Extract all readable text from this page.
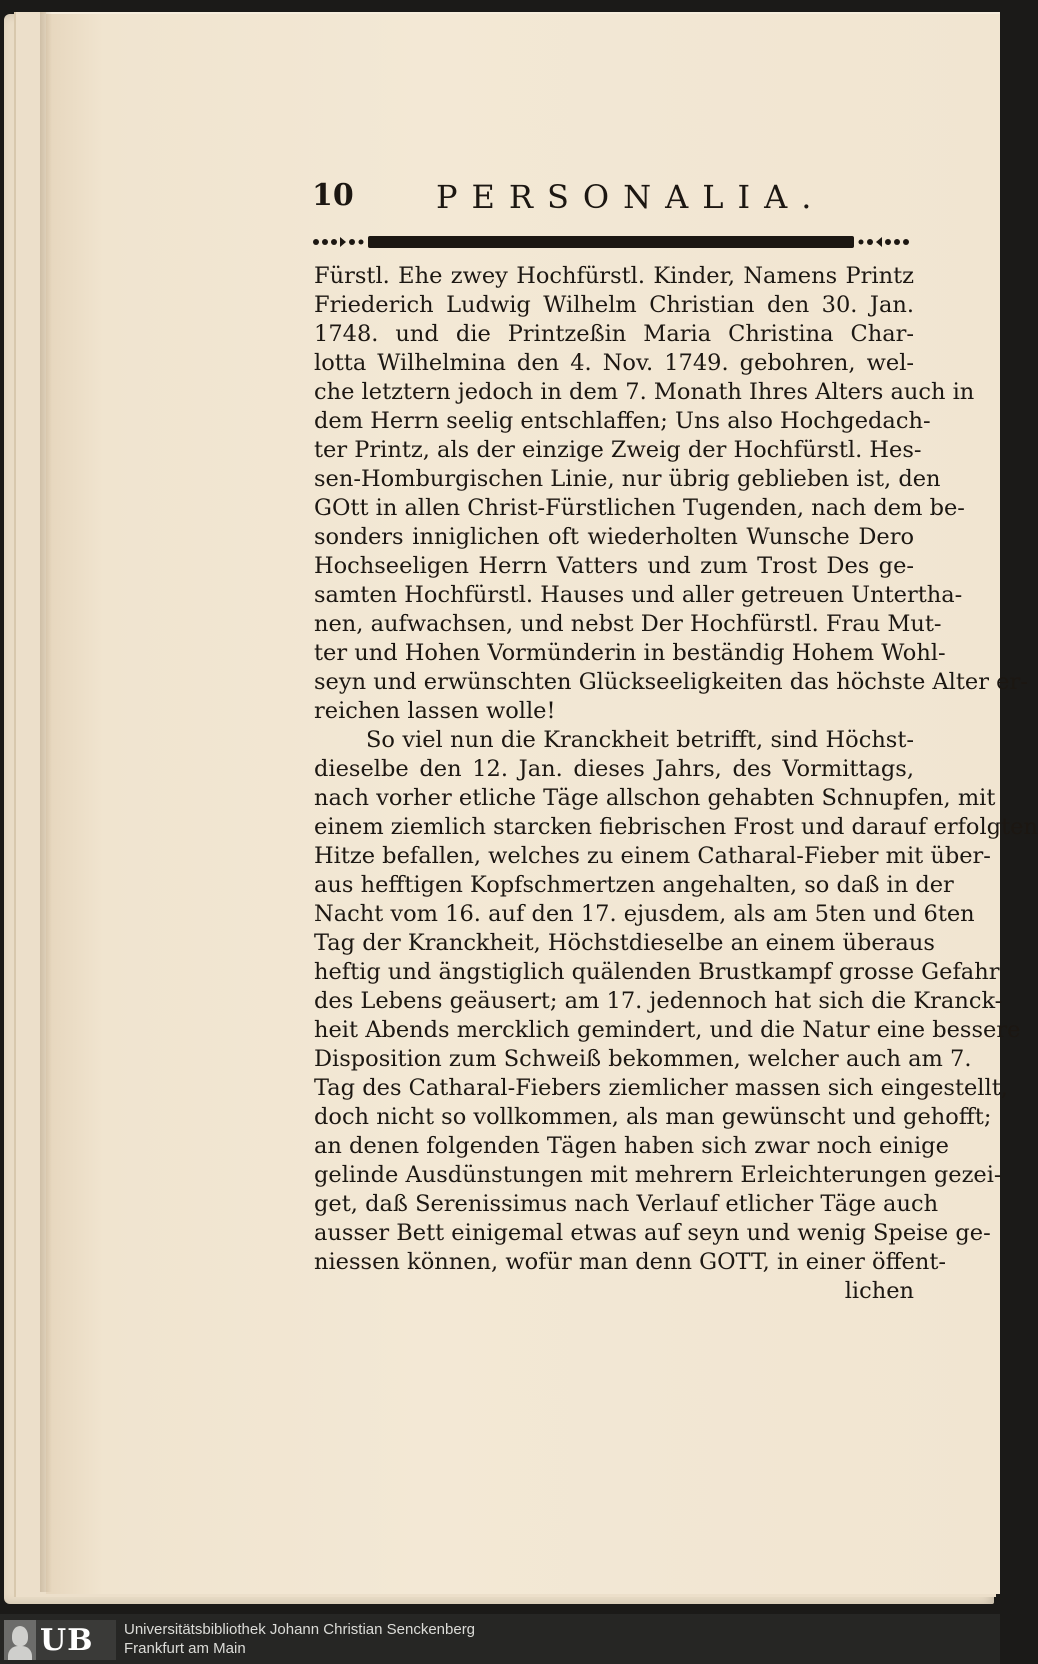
10	PERSONALIA.
Fürstl. Ehe zwey Hochfürstl. Kinder, Namens Printz
Friederich Ludwig Wilhelm Christian den 30. Jan.
1748. und die Printzeßin Maria Christina Char-
lotta Wilhelmina den 4. Nov. 1749. gebohren, wel-
che letztern jedoch in dem 7. Monath Ihres Alters auch in
dem Herrn seelig entschlaffen; Uns also Hochgedach-
ter Printz, als der einzige Zweig der Hochfürstl. Hes-
sen-Homburgischen Linie, nur übrig geblieben ist, den
GOtt in allen Christ-Fürstlichen Tugenden, nach dem be-
sonders inniglichen oft wiederholten Wunsche Dero
Hochseeligen Herrn Vatters und zum Trost Des ge-
samten Hochfürstl. Hauses und aller getreuen Untertha-
nen, aufwachsen, und nebst Der Hochfürstl. Frau Mut-
ter und Hohen Vormünderin in beständig Hohem Wohl-
seyn und erwünschten Glückseeligkeiten das höchste Alter er-
reichen lassen wolle!
So viel nun die Kranckheit betrifft, sind Höchst-
dieselbe den 12. Jan. dieses Jahrs, des Vormittags,
nach vorher etliche Täge allschon gehabten Schnupfen, mit
einem ziemlich starcken fiebrischen Frost und darauf erfolgten
Hitze befallen, welches zu einem Catharal-Fieber mit über-
aus hefftigen Kopfschmertzen angehalten, so daß in der
Nacht vom 16. auf den 17. ejusdem, als am 5ten und 6ten
Tag der Kranckheit, Höchstdieselbe an einem überaus
heftig und ängstiglich quälenden Brustkampf grosse Gefahr
des Lebens geäusert; am 17. jedennoch hat sich die Kranck-
heit Abends mercklich gemindert, und die Natur eine bessere
Disposition zum Schweiß bekommen, welcher auch am 7.
Tag des Catharal-Fiebers ziemlicher massen sich eingestellt,
doch nicht so vollkommen, als man gewünscht und gehofft;
an denen folgenden Tägen haben sich zwar noch einige
gelinde Ausdünstungen mit mehrern Erleichterungen gezei-
get, daß Serenissimus nach Verlauf etlicher Täge auch
ausser Bett einigemal etwas auf seyn und wenig Speise ge-
niessen können, wofür man denn GOTT, in einer öffent-
lichen
UB Universitätsbibliothek Johann Christian Senckenberg
Frankfurt am Main
